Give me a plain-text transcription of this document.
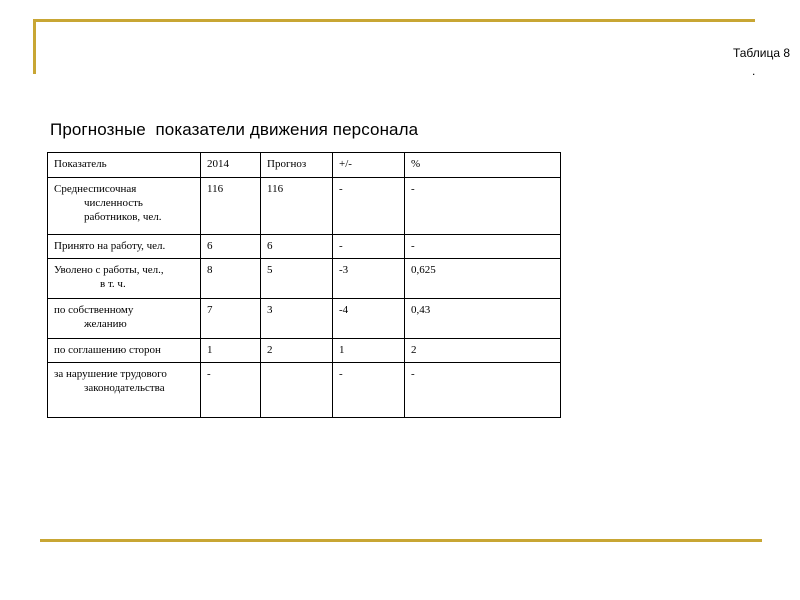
Таблица 8
.
Прогнозные  показатели движения персонала
Показатель	2014	Прогноз	+/-	%
Среднесписочная
численность
работников, чел.	116	116	-	-
Принято на работу, чел.	6	6	-	-
Уволено с работы, чел.,
в т. ч.	8	5	-3	0,625
по собственному
желанию	7	3	-4	0,43
по соглашению сторон	1	2	1	2
за нарушение трудового
законодательства	-		-	-
